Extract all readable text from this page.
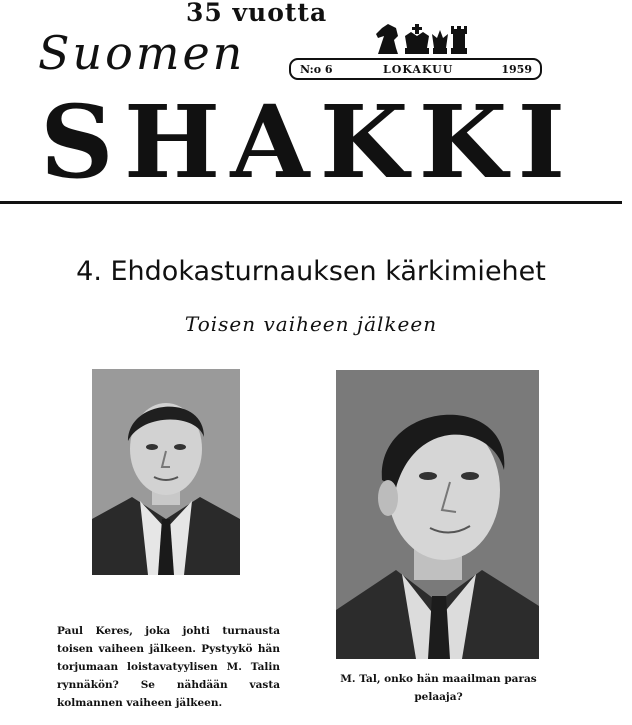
35 vuotta
Suomen	N:o 6	LOKAKUU	1959
SHAKKI
4. Ehdokasturnauksen kärkimiehet
Toisen vaiheen jälkeen
Paul Keres, joka johti turnausta toisen vaiheen jälkeen. Pystyykö hän torjumaan loistavatyylisen M. Talin rynnäkön? Se nähdään vasta kolmannen vaiheen jälkeen.
M. Tal, onko hän maailman paras pelaaja?
